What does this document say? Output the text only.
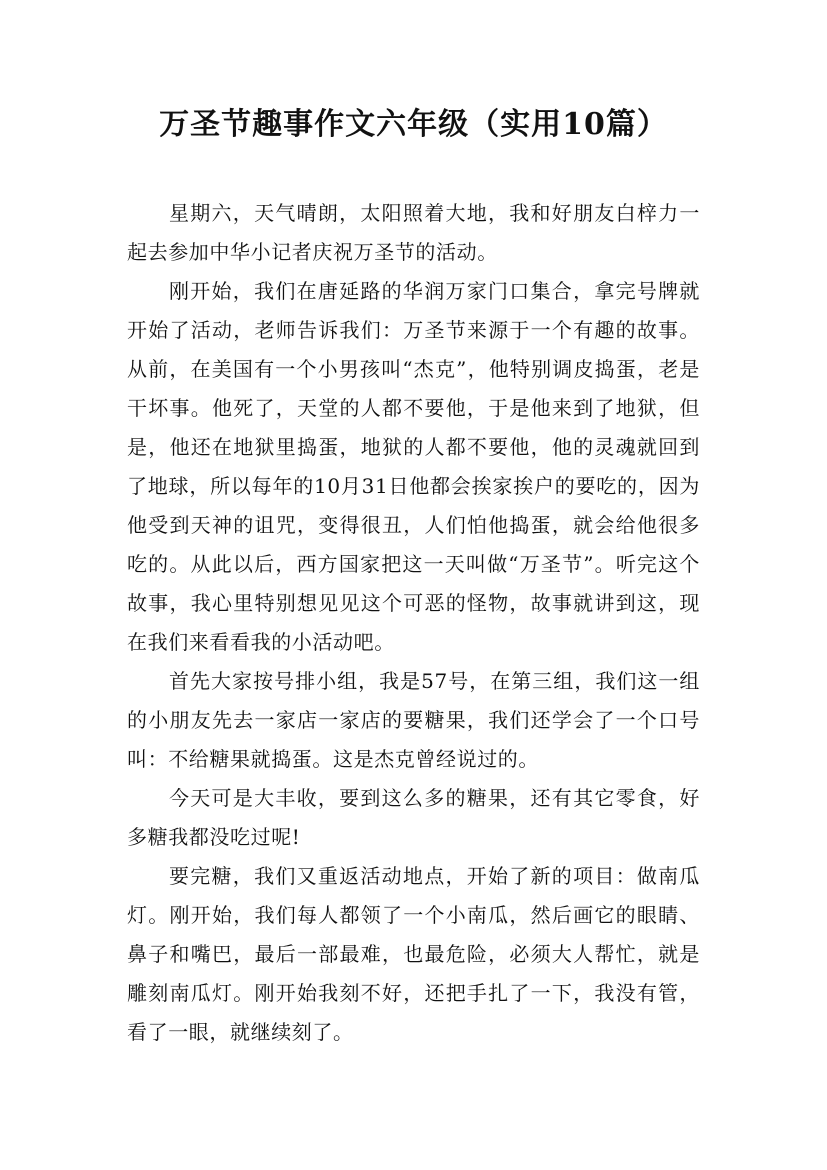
万圣节趣事作文六年级（实用10篇）

星期六，天气晴朗，太阳照着大地，我和好朋友白梓力一起去参加中华小记者庆祝万圣节的活动。

刚开始，我们在唐延路的华润万家门口集合，拿完号牌就开始了活动，老师告诉我们：万圣节来源于一个有趣的故事。从前，在美国有一个小男孩叫“杰克”，他特别调皮捣蛋，老是干坏事。他死了，天堂的人都不要他，于是他来到了地狱，但是，他还在地狱里捣蛋，地狱的人都不要他，他的灵魂就回到了地球，所以每年的10月31日他都会挨家挨户的要吃的，因为他受到天神的诅咒，变得很丑，人们怕他捣蛋，就会给他很多吃的。从此以后，西方国家把这一天叫做“万圣节”。听完这个故事，我心里特别想见见这个可恶的怪物，故事就讲到这，现在我们来看看我的小活动吧。

首先大家按号排小组，我是57号，在第三组，我们这一组的小朋友先去一家店一家店的要糖果，我们还学会了一个口号叫：不给糖果就捣蛋。这是杰克曾经说过的。

今天可是大丰收，要到这么多的糖果，还有其它零食，好多糖我都没吃过呢!

要完糖，我们又重返活动地点，开始了新的项目：做南瓜灯。刚开始，我们每人都领了一个小南瓜，然后画它的眼睛、鼻子和嘴巴，最后一部最难，也最危险，必须大人帮忙，就是雕刻南瓜灯。刚开始我刻不好，还把手扎了一下，我没有管，看了一眼，就继续刻了。
